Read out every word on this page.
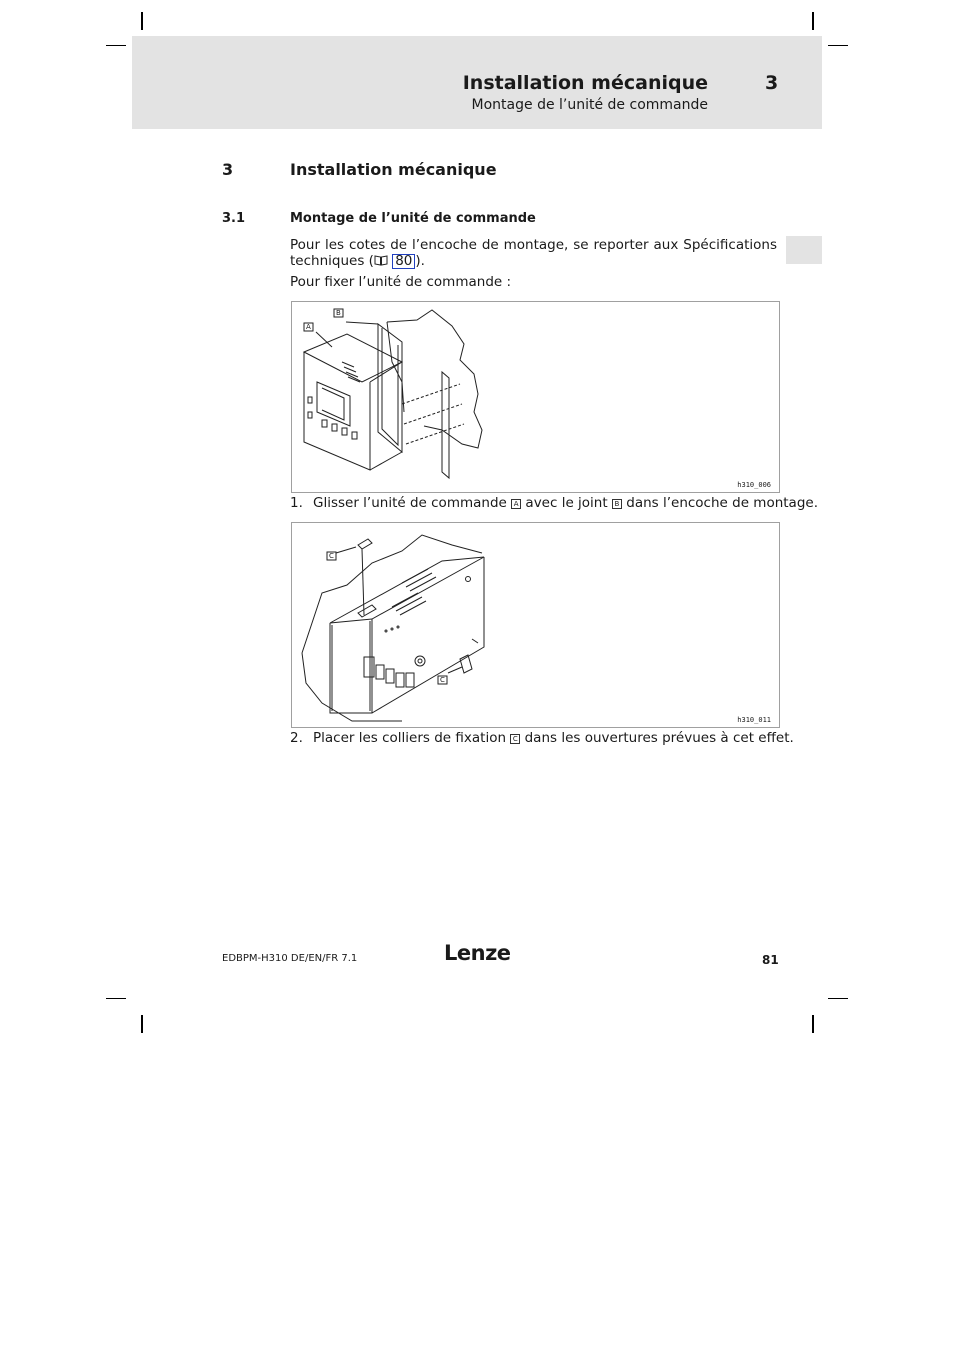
Installation mécanique	3
Montage de l’unité de commande
3	Installation mécanique
3.1	Montage de l’unité de commande
Pour les cotes de l’encoche de montage, se reporter aux Spécifications techniques ( 80 ).
Pour fixer l’unité de commande :
B
A
h310_006
1. Glisser l’unité de commande A avec le joint B dans l’encoche de montage.
C
C
h310_011
2. Placer les colliers de fixation C dans les ouvertures prévues à cet effet.
EDBPM-H310 DE/EN/FR 7.1	Lenze	81
